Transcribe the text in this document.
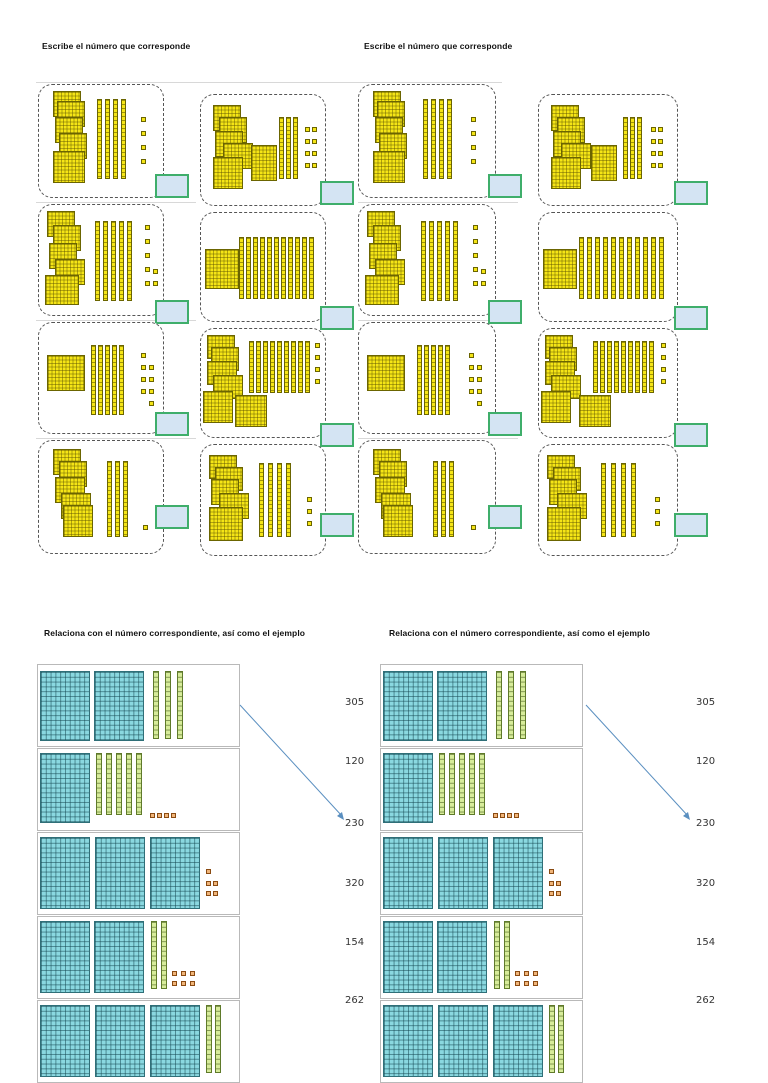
Escribe el número que corresponde	Escribe el número que corresponde
Relaciona con el número correspondiente, así como el ejemplo	Relaciona con el número correspondiente, así como el ejemplo
305
120
230
320
154
262
305
120
230
320
154
262
